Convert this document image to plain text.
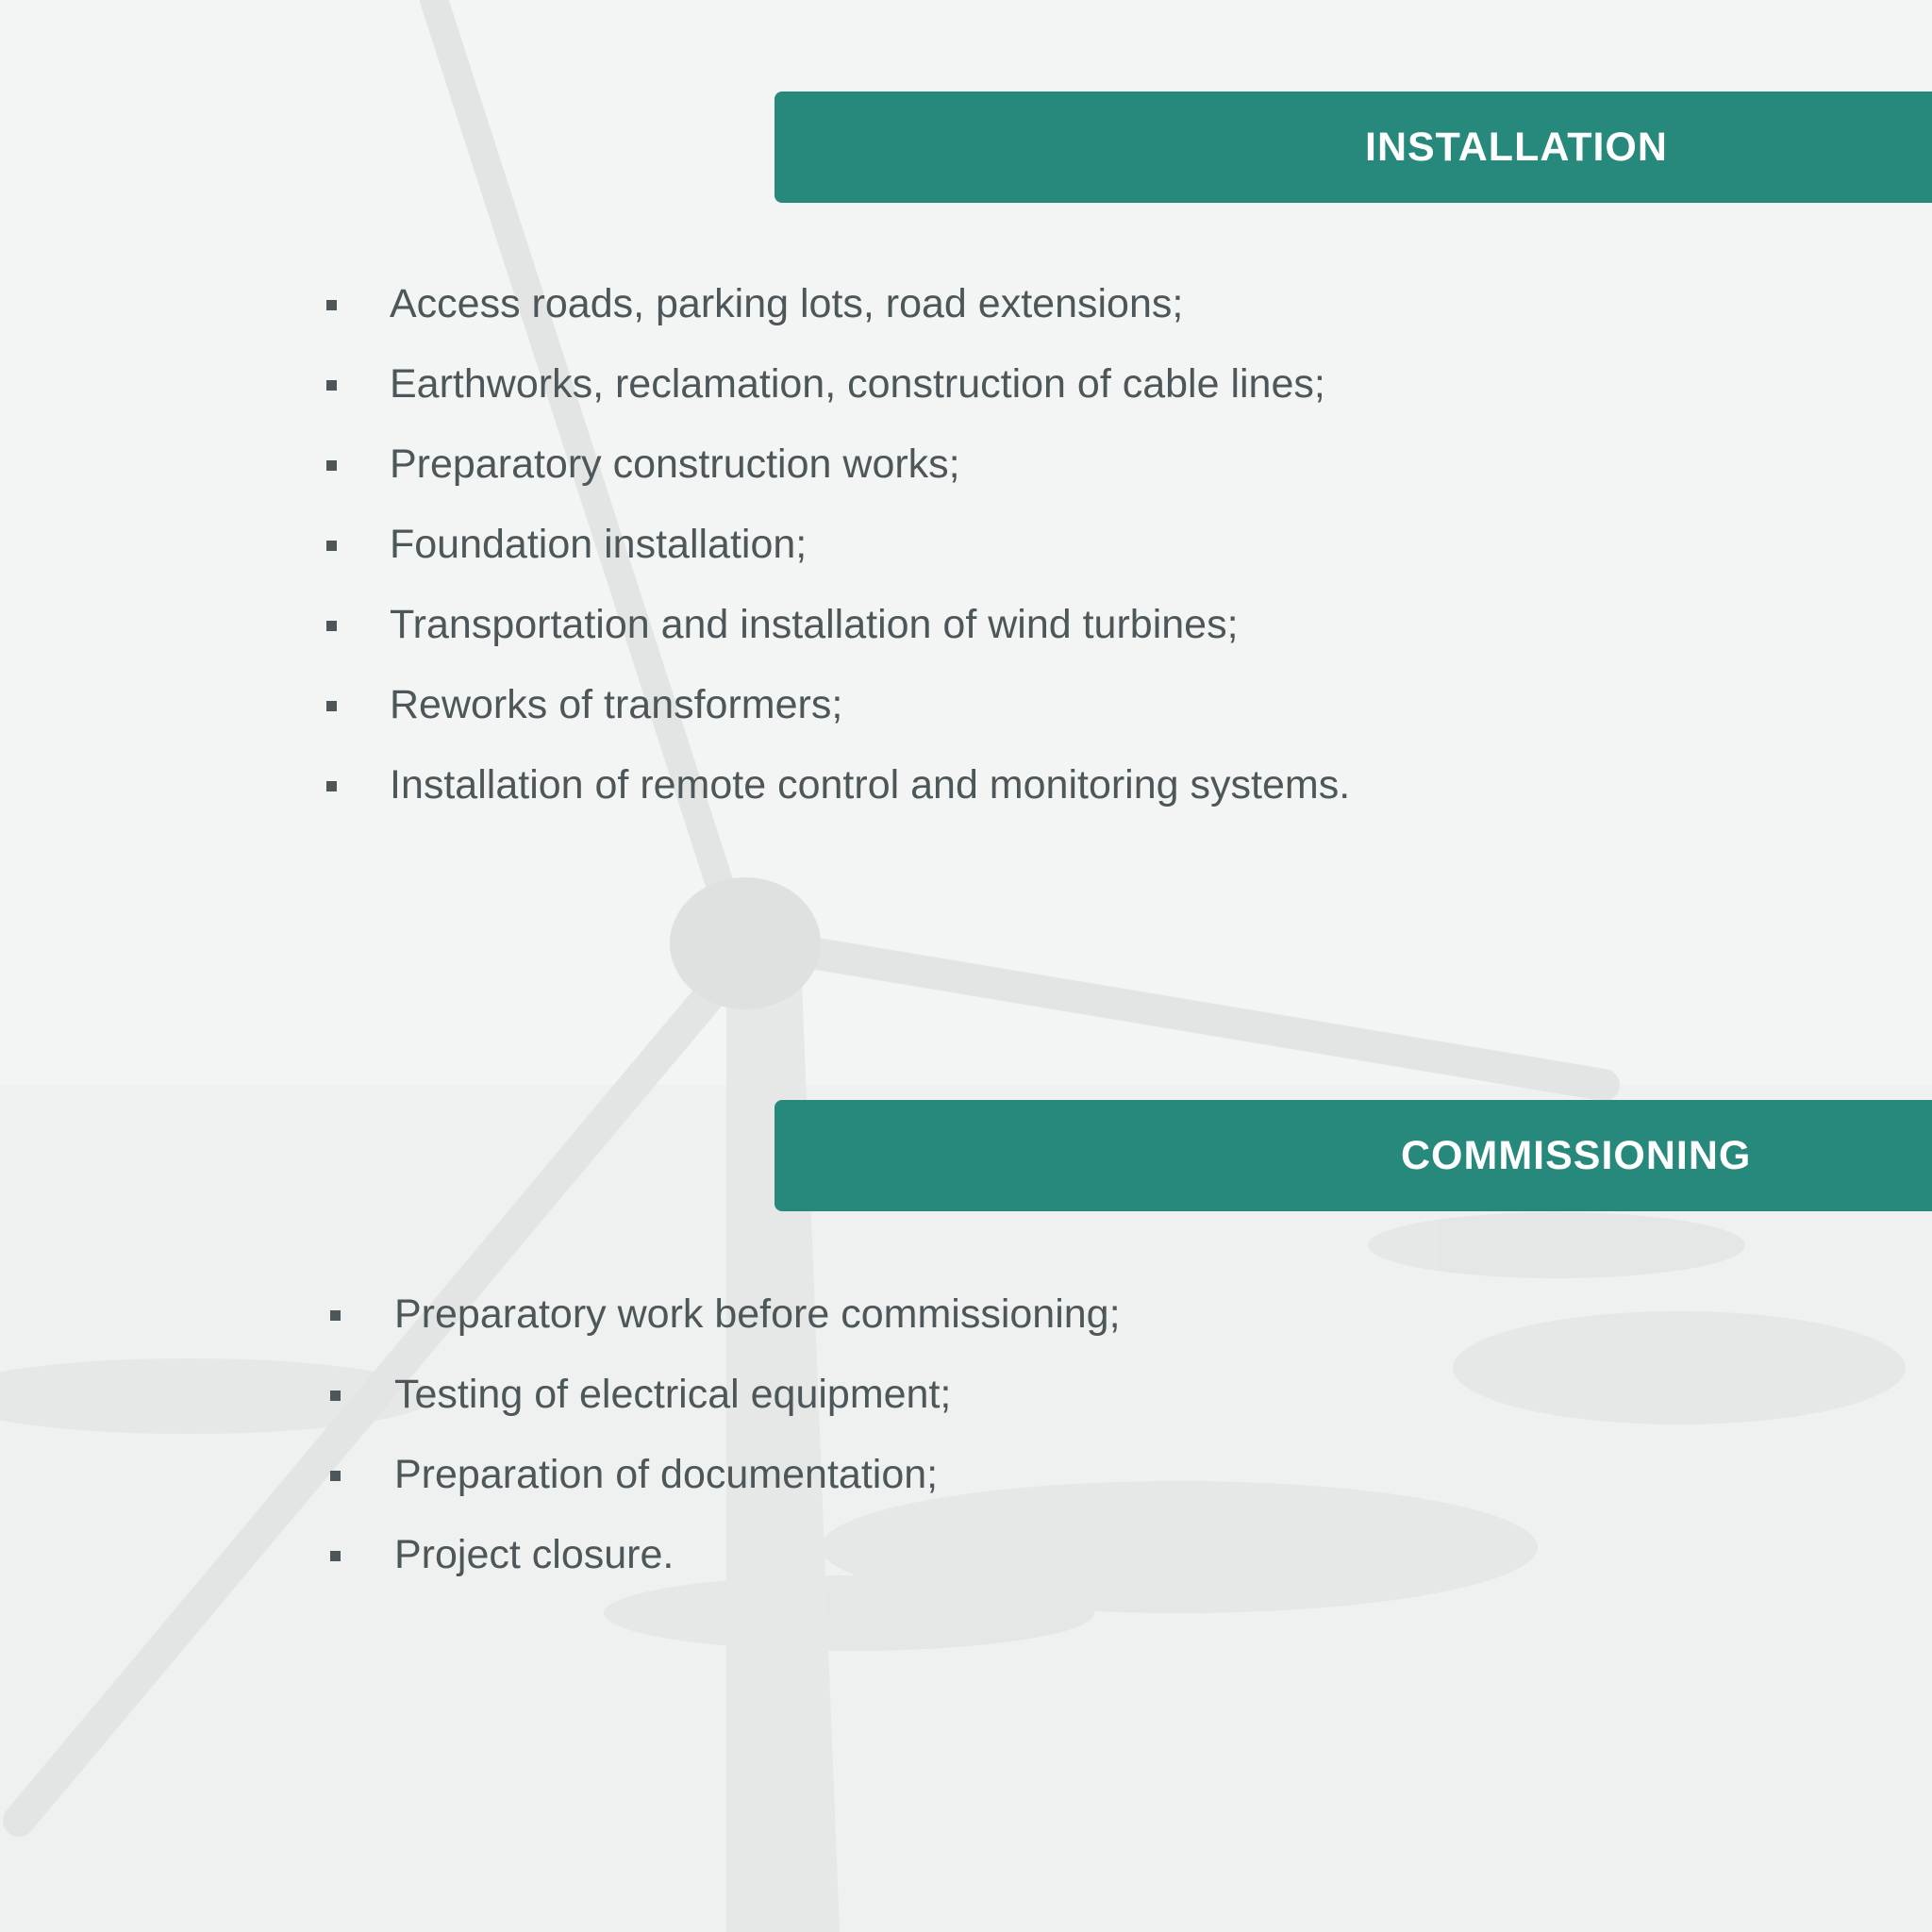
INSTALLATION
Access roads, parking lots, road extensions;
Earthworks, reclamation, construction of cable lines;
Preparatory construction works;
Foundation installation;
Transportation and installation of wind turbines;
Reworks of transformers;
Installation of remote control and monitoring systems.
COMMISSIONING
Preparatory work before commissioning;
Testing of electrical equipment;
Preparation of documentation;
Project closure.
